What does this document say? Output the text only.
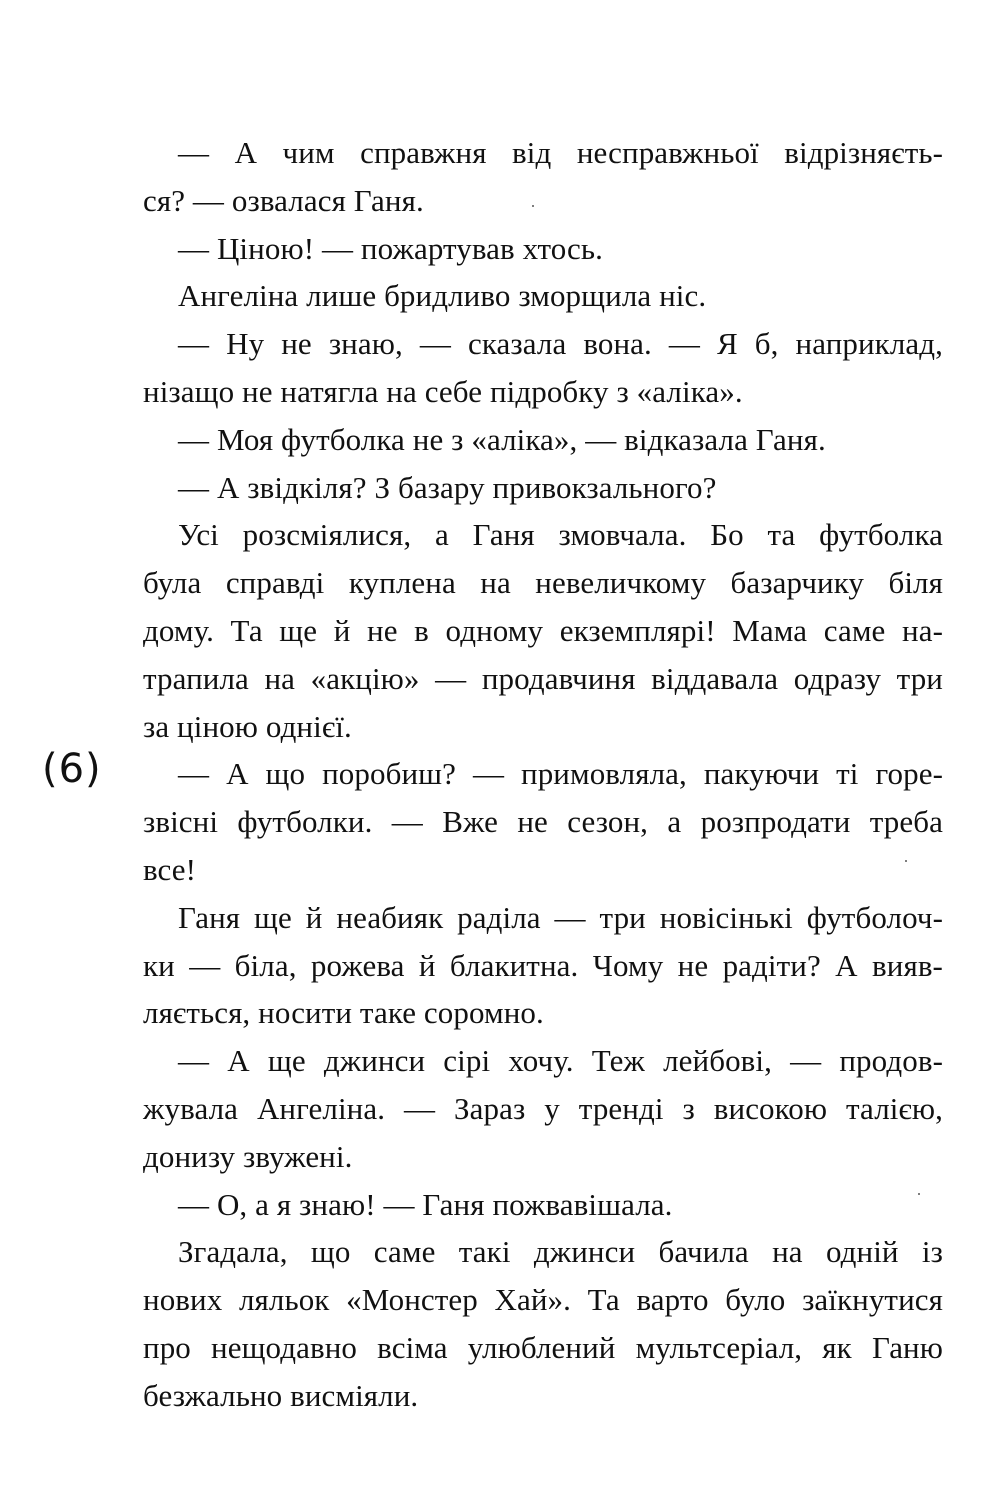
(6)
— А чим справжня від несправжньої відрізняєть-
ся? — озвалася Ганя.
— Ціною! — пожартував хтось.
Ангеліна лише бридливо зморщила ніс.
— Ну не знаю, — сказала вона. — Я б, наприклад,
нізащо не натягла на себе підробку з «аліка».
— Моя футболка не з «аліка», — відказала Ганя.
— А звідкіля? З базару привокзального?
Усі розсміялися, а Ганя змовчала. Бо та футболка
була справді куплена на невеличкому базарчику біля
дому. Та ще й не в одному екземплярі! Мама саме на-
трапила на «акцію» — продавчиня віддавала одразу три
за ціною однієї.
— А що поробиш? — примовляла, пакуючи ті горе-
звісні футболки. — Вже не сезон, а розпродати треба
все!
Ганя ще й неабияк раділа — три новісінькі футболоч-
ки — біла, рожева й блакитна. Чому не радіти? А вияв-
ляється, носити таке соромно.
— А ще джинси сірі хочу. Теж лейбові, — продов-
жувала Ангеліна. — Зараз у тренді з високою талією,
донизу звужені.
— О, а я знаю! — Ганя пожвавішала.
Згадала, що саме такі джинси бачила на одній із
нових ляльок «Монстер Хай». Та варто було заїкнутися
про нещодавно всіма улюблений мультсеріал, як Ганю
безжально висміяли.
